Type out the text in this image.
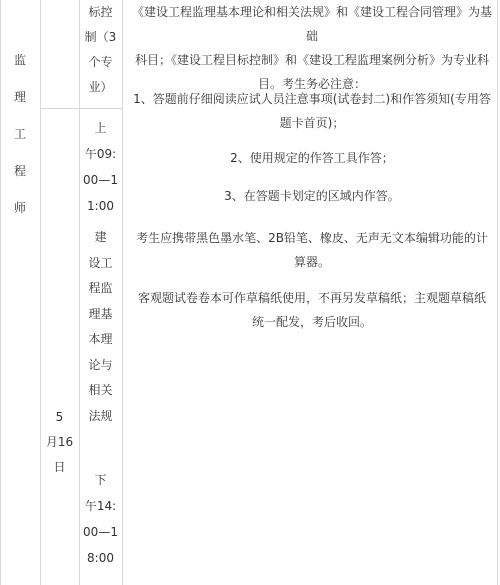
监
理
工
程
师
5
月16
日
标控
制（3
个专
业）
上
午09:
00—1
1:00
建
设工
程监
理基
本理
论与
相关
法规
下
午14:
00—1
8:00

《建设工程监理基本理论和相关法规》和《建设工程合同管理》为基础

科目；《建设工程目标控制》和《建设工程监理案例分析》为专业科

目。考生务必注意：

1、答题前仔细阅读应试人员注意事项(试卷封二)和作答须知(专用答

题卡首页)；

2、使用规定的作答工具作答；

3、在答题卡划定的区域内作答。

考生应携带黑色墨水笔、2B铅笔、橡皮、无声无文本编辑功能的计

算器。

客观题试卷卷本可作草稿纸使用，不再另发草稿纸；主观题草稿纸

统一配发，考后收回。
